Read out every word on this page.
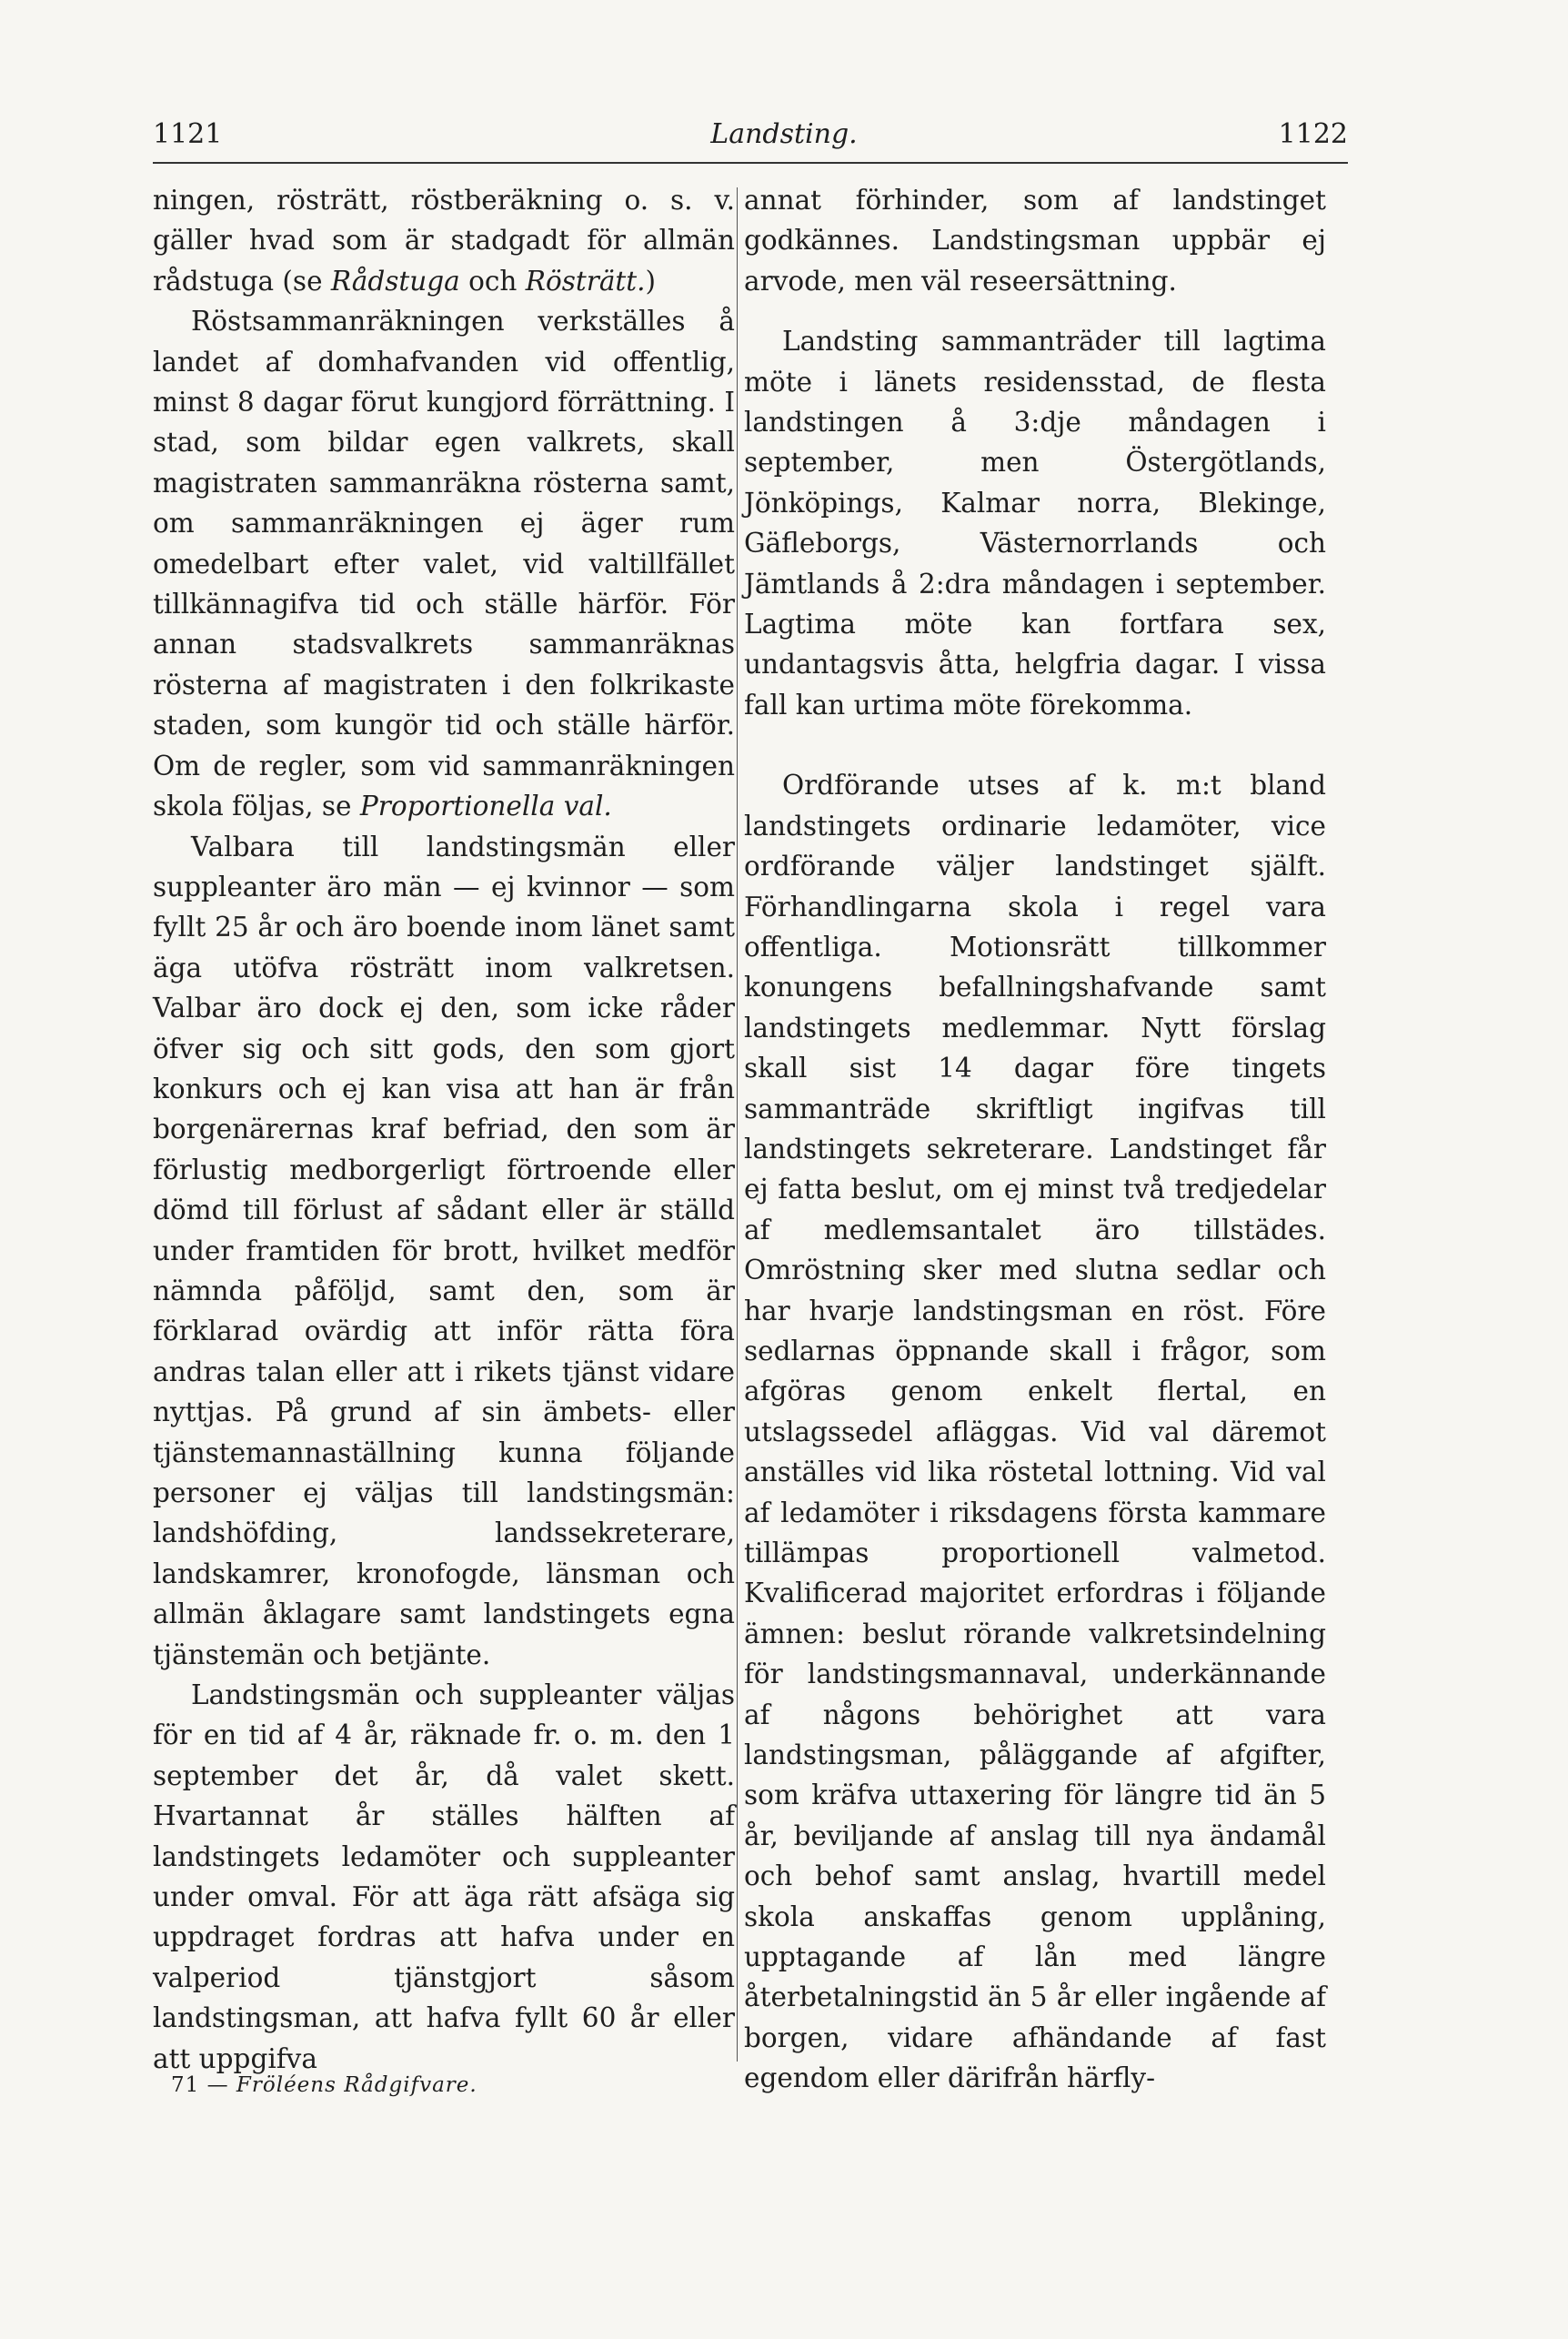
1121	Landsting.	1122

ningen, rösträtt, röstberäkning o. s. v. gäller hvad som är stadgadt för allmän rådstuga (se Rådstuga och Rösträtt.)

Röstsammanräkningen verkställes å landet af domhafvanden vid offentlig, minst 8 dagar förut kungjord förrättning. I stad, som bildar egen valkrets, skall magistraten sammanräkna rösterna samt, om sammanräkningen ej äger rum omedelbart efter valet, vid valtillfället tillkännagifva tid och ställe härför. För annan stadsvalkrets sammanräknas rösterna af magistraten i den folkrikaste staden, som kungör tid och ställe härför. Om de regler, som vid sammanräkningen skola följas, se Proportionella val.

Valbara till landstingsmän eller suppleanter äro män — ej kvinnor — som fyllt 25 år och äro boende inom länet samt äga utöfva rösträtt inom valkretsen. Valbar äro dock ej den, som icke råder öfver sig och sitt gods, den som gjort konkurs och ej kan visa att han är från borgenärernas kraf befriad, den som är förlustig medborgerligt förtroende eller dömd till förlust af sådant eller är ställd under framtiden för brott, hvilket medför nämnda påföljd, samt den, som är förklarad ovärdig att inför rätta föra andras talan eller att i rikets tjänst vidare nyttjas. På grund af sin ämbets- eller tjänstemannaställning kunna följande personer ej väljas till landstingsmän: landshöfding, landssekreterare, landskamrer, kronofogde, länsman och allmän åklagare samt landstingets egna tjänstemän och betjänte.

Landstingsmän och suppleanter väljas för en tid af 4 år, räknade fr. o. m. den 1 september det år, då valet skett. Hvartannat år ställes hälften af landstingets ledamöter och suppleanter under omval. För att äga rätt afsäga sig uppdraget fordras att hafva under en valperiod tjänstgjort såsom landstingsman, att hafva fyllt 60 år eller att uppgifva

annat förhinder, som af landstinget godkännes. Landstingsman uppbär ej arvode, men väl reseersättning.

Landsting sammanträder till lagtima möte i länets residensstad, de flesta landstingen å 3:dje måndagen i september, men Östergötlands, Jönköpings, Kalmar norra, Blekinge, Gäfleborgs, Västernorrlands och Jämtlands å 2:dra måndagen i september. Lagtima möte kan fortfara sex, undantagsvis åtta, helgfria dagar. I vissa fall kan urtima möte förekomma.

Ordförande utses af k. m:t bland landstingets ordinarie ledamöter, vice ordförande väljer landstinget själft. Förhandlingarna skola i regel vara offentliga. Motionsrätt tillkommer konungens befallningshafvande samt landstingets medlemmar. Nytt förslag skall sist 14 dagar före tingets sammanträde skriftligt ingifvas till landstingets sekreterare. Landstinget får ej fatta beslut, om ej minst två tredjedelar af medlemsantalet äro tillstädes. Omröstning sker med slutna sedlar och har hvarje landstingsman en röst. Före sedlarnas öppnande skall i frågor, som afgöras genom enkelt flertal, en utslagssedel afläggas. Vid val däremot anställes vid lika röstetal lottning. Vid val af ledamöter i riksdagens första kammare tillämpas proportionell valmetod. Kvalificerad majoritet erfordras i följande ämnen: beslut rörande valkretsindelning för landstingsmannaval, underkännande af någons behörighet att vara landstingsman, påläggande af afgifter, som kräfva uttaxering för längre tid än 5 år, beviljande af anslag till nya ändamål och behof samt anslag, hvartill medel skola anskaffas genom upplåning, upptagande af lån med längre återbetalningstid än 5 år eller ingående af borgen, vidare afhändande af fast egendom eller därifrån härfly-

71 — Fröléens Rådgifvare.
